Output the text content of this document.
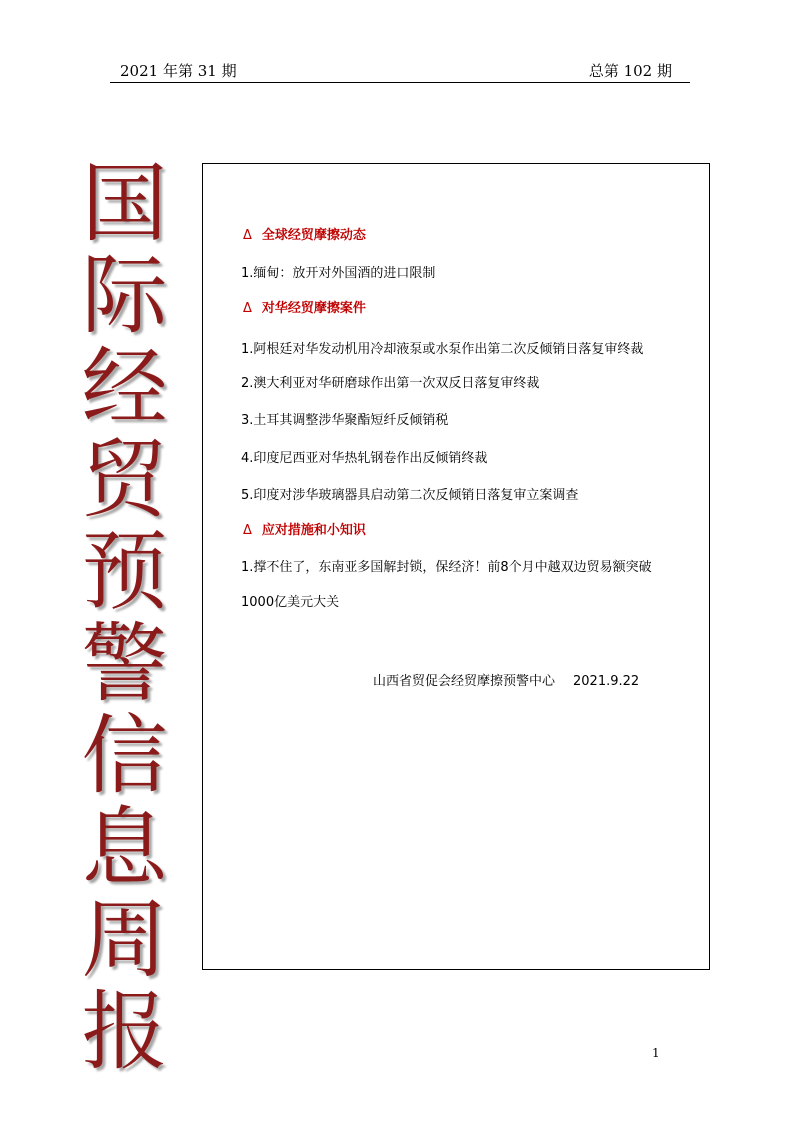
2021 年第 31 期	总第 102 期
国
际
经
贸
预
警
信
息
周
报
Δ 全球经贸摩擦动态
1.缅甸：放开对外国酒的进口限制
Δ 对华经贸摩擦案件
1.阿根廷对华发动机用冷却液泵或水泵作出第二次反倾销日落复审终裁
2.澳大利亚对华研磨球作出第一次双反日落复审终裁
3.土耳其调整涉华聚酯短纤反倾销税
4.印度尼西亚对华热轧钢卷作出反倾销终裁
5.印度对涉华玻璃器具启动第二次反倾销日落复审立案调查
Δ 应对措施和小知识
1.撑不住了，东南亚多国解封锁，保经济！前8个月中越双边贸易额突破
1000亿美元大关
山西省贸促会经贸摩擦预警中心 2021.9.22
1
